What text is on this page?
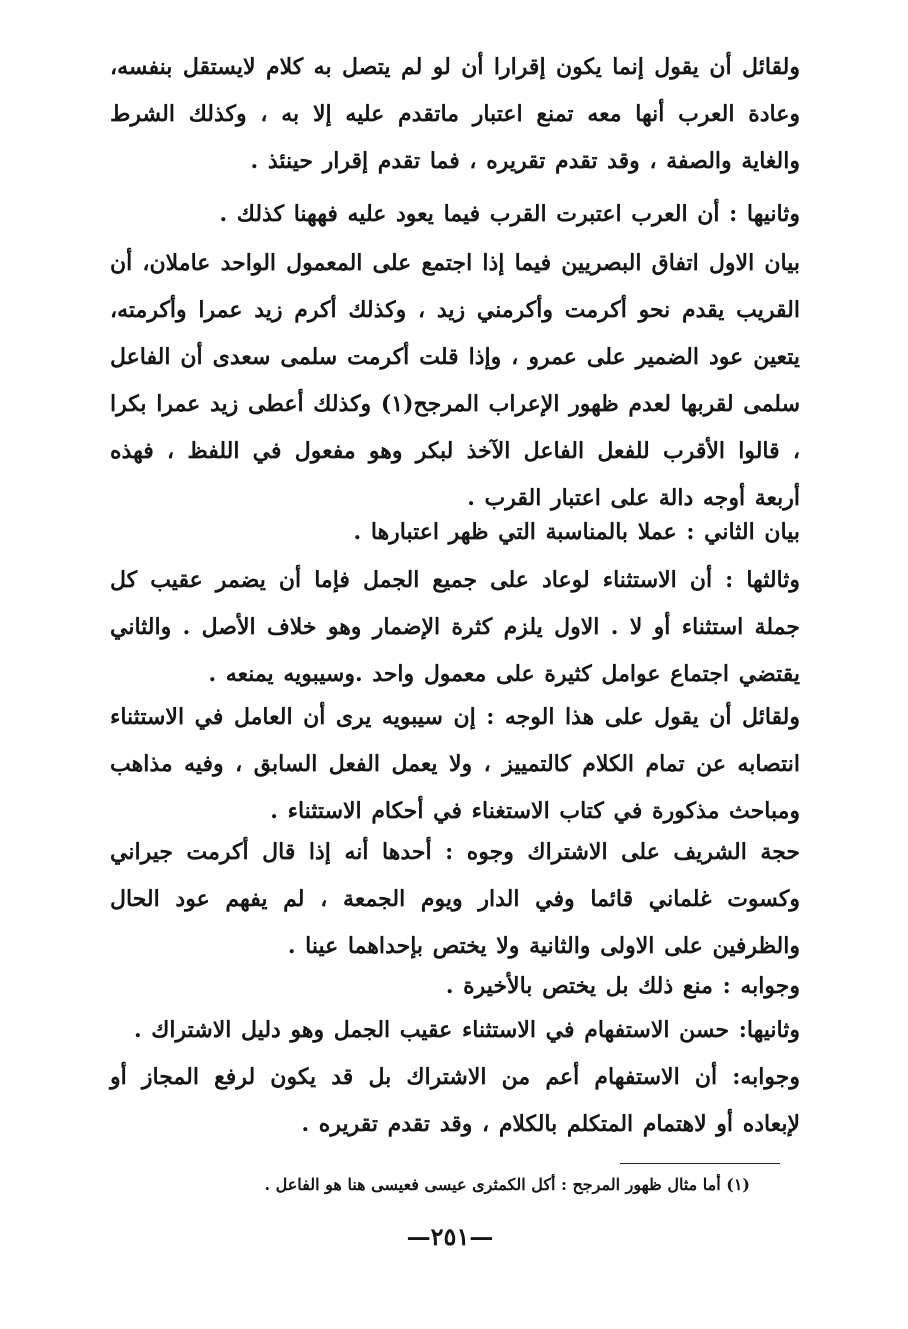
ولقائل أن يقول إنما يكون إقرارا أن لو لم يتصل به كلام لايستقل بنفسه، وعادة العرب أنها معه تمنع اعتبار ماتقدم عليه إلا به ، وكذلك الشرط والغاية والصفة ، وقد تقدم تقريره ، فما تقدم إقرار حينئذ .

وثانيها : أن العرب اعتبرت القرب فيما يعود عليه فههنا كذلك .

بيان الاول اتفاق البصريين فيما إذا اجتمع على المعمول الواحد عاملان، أن القريب يقدم نحو أكرمت وأكرمني زيد ، وكذلك أكرم زيد عمرا وأكرمته، يتعين عود الضمير على عمرو ، وإذا قلت أكرمت سلمى سعدى أن الفاعل سلمى لقربها لعدم ظهور الإعراب المرجح(١) وكذلك أعطى زيد عمرا بكرا ، قالوا الأقرب للفعل الفاعل الآخذ لبكر وهو مفعول في اللفظ ، فهذه أربعة أوجه دالة على اعتبار القرب .

بيان الثاني : عملا بالمناسبة التي ظهر اعتبارها .

وثالثها : أن الاستثناء لوعاد على جميع الجمل فإما أن يضمر عقيب كل جملة استثناء أو لا . الاول يلزم كثرة الإضمار وهو خلاف الأصل . والثاني يقتضي اجتماع عوامل كثيرة على معمول واحد .وسيبويه يمنعه .

ولقائل أن يقول على هذا الوجه : إن سيبويه يرى أن العامل في الاستثناء انتصابه عن تمام الكلام كالتمييز ، ولا يعمل الفعل السابق ، وفيه مذاهب ومباحث مذكورة في كتاب الاستغناء في أحكام الاستثناء .

حجة الشريف على الاشتراك وجوه : أحدها أنه إذا قال أكرمت جيراني وكسوت غلماني قائما وفي الدار ويوم الجمعة ، لم يفهم عود الحال والظرفين على الاولى والثانية ولا يختص بإحداهما عينا .

وجوابه : منع ذلك بل يختص بالأخيرة .

وثانيها: حسن الاستفهام في الاستثناء عقيب الجمل وهو دليل الاشتراك .

وجوابه: أن الاستفهام أعم من الاشتراك بل قد يكون لرفع المجاز أو لإبعاده أو لاهتمام المتكلم بالكلام ، وقد تقدم تقريره .

(١) أما مثال ظهور المرجح : أكل الكمثرى عيسى فعيسى هنا هو الفاعل .

—٢٥١—
